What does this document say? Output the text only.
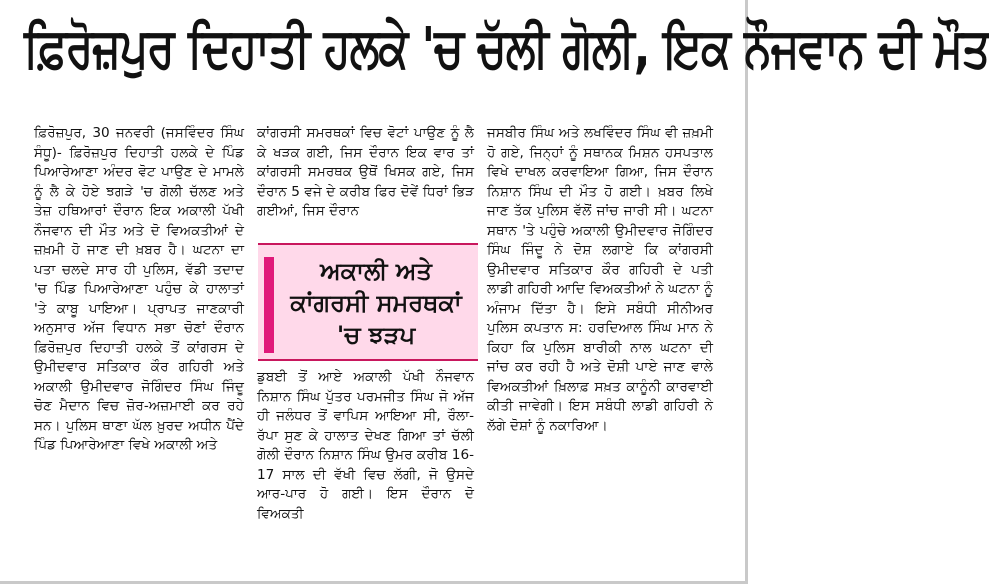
ਫ਼ਿਰੋਜ਼ਪੁਰ ਦਿਹਾਤੀ ਹਲਕੇ 'ਚ ਚੱਲੀ ਗੋਲੀ, ਇਕ ਨੌਜਵਾਨ ਦੀ ਮੌਤ
ਫ਼ਿਰੋਜ਼ਪੁਰ, 30 ਜਨਵਰੀ (ਜਸਵਿੰਦਰ ਸਿੰਘ ਸੰਧੂ)- ਫ਼ਿਰੋਜ਼ਪੁਰ ਦਿਹਾਤੀ ਹਲਕੇ ਦੇ ਪਿੰਡ ਪਿਆਰੇਆਣਾ ਅੰਦਰ ਵੋਟ ਪਾਉਣ ਦੇ ਮਾਮਲੇ ਨੂੰ ਲੈ ਕੇ ਹੋਏ ਝਗੜੇ 'ਚ ਗੋਲੀ ਚੱਲਣ ਅਤੇ ਤੇਜ਼ ਹਥਿਆਰਾਂ ਦੌਰਾਨ ਇਕ ਅਕਾਲੀ ਪੱਖੀ ਨੌਜਵਾਨ ਦੀ ਮੌਤ ਅਤੇ ਦੋ ਵਿਅਕਤੀਆਂ ਦੇ ਜ਼ਖ਼ਮੀ ਹੋ ਜਾਣ ਦੀ ਖ਼ਬਰ ਹੈ। ਘਟਨਾ ਦਾ ਪਤਾ ਚਲਦੇ ਸਾਰ ਹੀ ਪੁਲਿਸ, ਵੱਡੀ ਤਦਾਦ 'ਚ ਪਿੰਡ ਪਿਆਰੇਆਣਾ ਪਹੁੰਚ ਕੇ ਹਾਲਾਤਾਂ 'ਤੇ ਕਾਬੂ ਪਾਇਆ। ਪ੍ਰਾਪਤ ਜਾਣਕਾਰੀ ਅਨੁਸਾਰ ਅੱਜ ਵਿਧਾਨ ਸਭਾ ਚੋਣਾਂ ਦੌਰਾਨ ਫ਼ਿਰੋਜ਼ਪੁਰ ਦਿਹਾਤੀ ਹਲਕੇ ਤੋਂ ਕਾਂਗਰਸ ਦੇ ਉਮੀਦਵਾਰ ਸਤਿਕਾਰ ਕੌਰ ਗਹਿਰੀ ਅਤੇ ਅਕਾਲੀ ਉਮੀਦਵਾਰ ਜੋਗਿੰਦਰ ਸਿੰਘ ਜਿੰਦੂ ਚੋਣ ਮੈਦਾਨ ਵਿਚ ਜ਼ੋਰ-ਅਜ਼ਮਾਈ ਕਰ ਰਹੇ ਸਨ। ਪੁਲਿਸ ਥਾਣਾ ਘੱਲ ਖ਼ੁਰਦ ਅਧੀਨ ਪੈਂਦੇ ਪਿੰਡ ਪਿਆਰੇਆਣਾ ਵਿਖੇ ਅਕਾਲੀ ਅਤੇ
ਕਾਂਗਰਸੀ ਸਮਰਥਕਾਂ ਵਿਚ ਵੋਟਾਂ ਪਾਉਣ ਨੂੰ ਲੈ ਕੇ ਖੜਕ ਗਈ, ਜਿਸ ਦੌਰਾਨ ਇਕ ਵਾਰ ਤਾਂ ਕਾਂਗਰਸੀ ਸਮਰਥਕ ਉਥੋਂ ਖਿਸਕ ਗਏ, ਜਿਸ ਦੌਰਾਨ 5 ਵਜੇ ਦੇ ਕਰੀਬ ਫਿਰ ਦੋਵੇਂ ਧਿਰਾਂ ਭਿੜ ਗਈਆਂ, ਜਿਸ ਦੌਰਾਨ
ਡੁਬਈ ਤੋਂ ਆਏ ਅਕਾਲੀ ਪੱਖੀ ਨੌਜਵਾਨ ਨਿਸ਼ਾਨ ਸਿੰਘ ਪੁੱਤਰ ਪਰਮਜੀਤ ਸਿੰਘ ਜੋ ਅੱਜ ਹੀ ਜਲੰਧਰ ਤੋਂ ਵਾਪਿਸ ਆਇਆ ਸੀ, ਰੌਲਾ-ਰੱਪਾ ਸੁਣ ਕੇ ਹਾਲਾਤ ਦੇਖਣ ਗਿਆ ਤਾਂ ਚੱਲੀ ਗੋਲੀ ਦੌਰਾਨ ਨਿਸ਼ਾਨ ਸਿੰਘ ਉਮਰ ਕਰੀਬ 16-17 ਸਾਲ ਦੀ ਵੱਖੀ ਵਿਚ ਲੱਗੀ, ਜੋ ਉਸਦੇ ਆਰ-ਪਾਰ ਹੋ ਗਈ। ਇਸ ਦੌਰਾਨ ਦੋ ਵਿਅਕਤੀ
ਅਕਾਲੀ ਅਤੇ ਕਾਂਗਰਸੀ ਸਮਰਥਕਾਂ 'ਚ ਝੜਪ
ਜਸਬੀਰ ਸਿੰਘ ਅਤੇ ਲਖਵਿੰਦਰ ਸਿੰਘ ਵੀ ਜ਼ਖ਼ਮੀ ਹੋ ਗਏ, ਜਿਨ੍ਹਾਂ ਨੂੰ ਸਥਾਨਕ ਮਿਸ਼ਨ ਹਸਪਤਾਲ ਵਿਖੇ ਦਾਖਲ ਕਰਵਾਇਆ ਗਿਆ, ਜਿਸ ਦੌਰਾਨ ਨਿਸ਼ਾਨ ਸਿੰਘ ਦੀ ਮੌਤ ਹੋ ਗਈ। ਖ਼ਬਰ ਲਿਖੇ ਜਾਣ ਤੱਕ ਪੁਲਿਸ ਵੱਲੋਂ ਜਾਂਚ ਜਾਰੀ ਸੀ। ਘਟਨਾ ਸਥਾਨ 'ਤੇ ਪਹੁੰਚੇ ਅਕਾਲੀ ਉਮੀਦਵਾਰ ਜੋਗਿੰਦਰ ਸਿੰਘ ਜਿੰਦੂ ਨੇ ਦੋਸ਼ ਲਗਾਏ ਕਿ ਕਾਂਗਰਸੀ ਉਮੀਦਵਾਰ ਸਤਿਕਾਰ ਕੌਰ ਗਹਿਰੀ ਦੇ ਪਤੀ ਲਾਡੀ ਗਹਿਰੀ ਆਦਿ ਵਿਅਕਤੀਆਂ ਨੇ ਘਟਨਾ ਨੂੰ ਅੰਜਾਮ ਦਿੱਤਾ ਹੈ। ਇਸੇ ਸਬੰਧੀ ਸੀਨੀਅਰ ਪੁਲਿਸ ਕਪਤਾਨ ਸ: ਹਰਦਿਆਲ ਸਿੰਘ ਮਾਨ ਨੇ ਕਿਹਾ ਕਿ ਪੁਲਿਸ ਬਾਰੀਕੀ ਨਾਲ ਘਟਨਾ ਦੀ ਜਾਂਚ ਕਰ ਰਹੀ ਹੈ ਅਤੇ ਦੋਸ਼ੀ ਪਾਏ ਜਾਣ ਵਾਲੇ ਵਿਅਕਤੀਆਂ ਖ਼ਿਲਾਫ਼ ਸਖ਼ਤ ਕਾਨੂੰਨੀ ਕਾਰਵਾਈ ਕੀਤੀ ਜਾਵੇਗੀ। ਇਸ ਸਬੰਧੀ ਲਾਡੀ ਗਹਿਰੀ ਨੇ ਲੱਗੇ ਦੋਸ਼ਾਂ ਨੂੰ ਨਕਾਰਿਆ।
